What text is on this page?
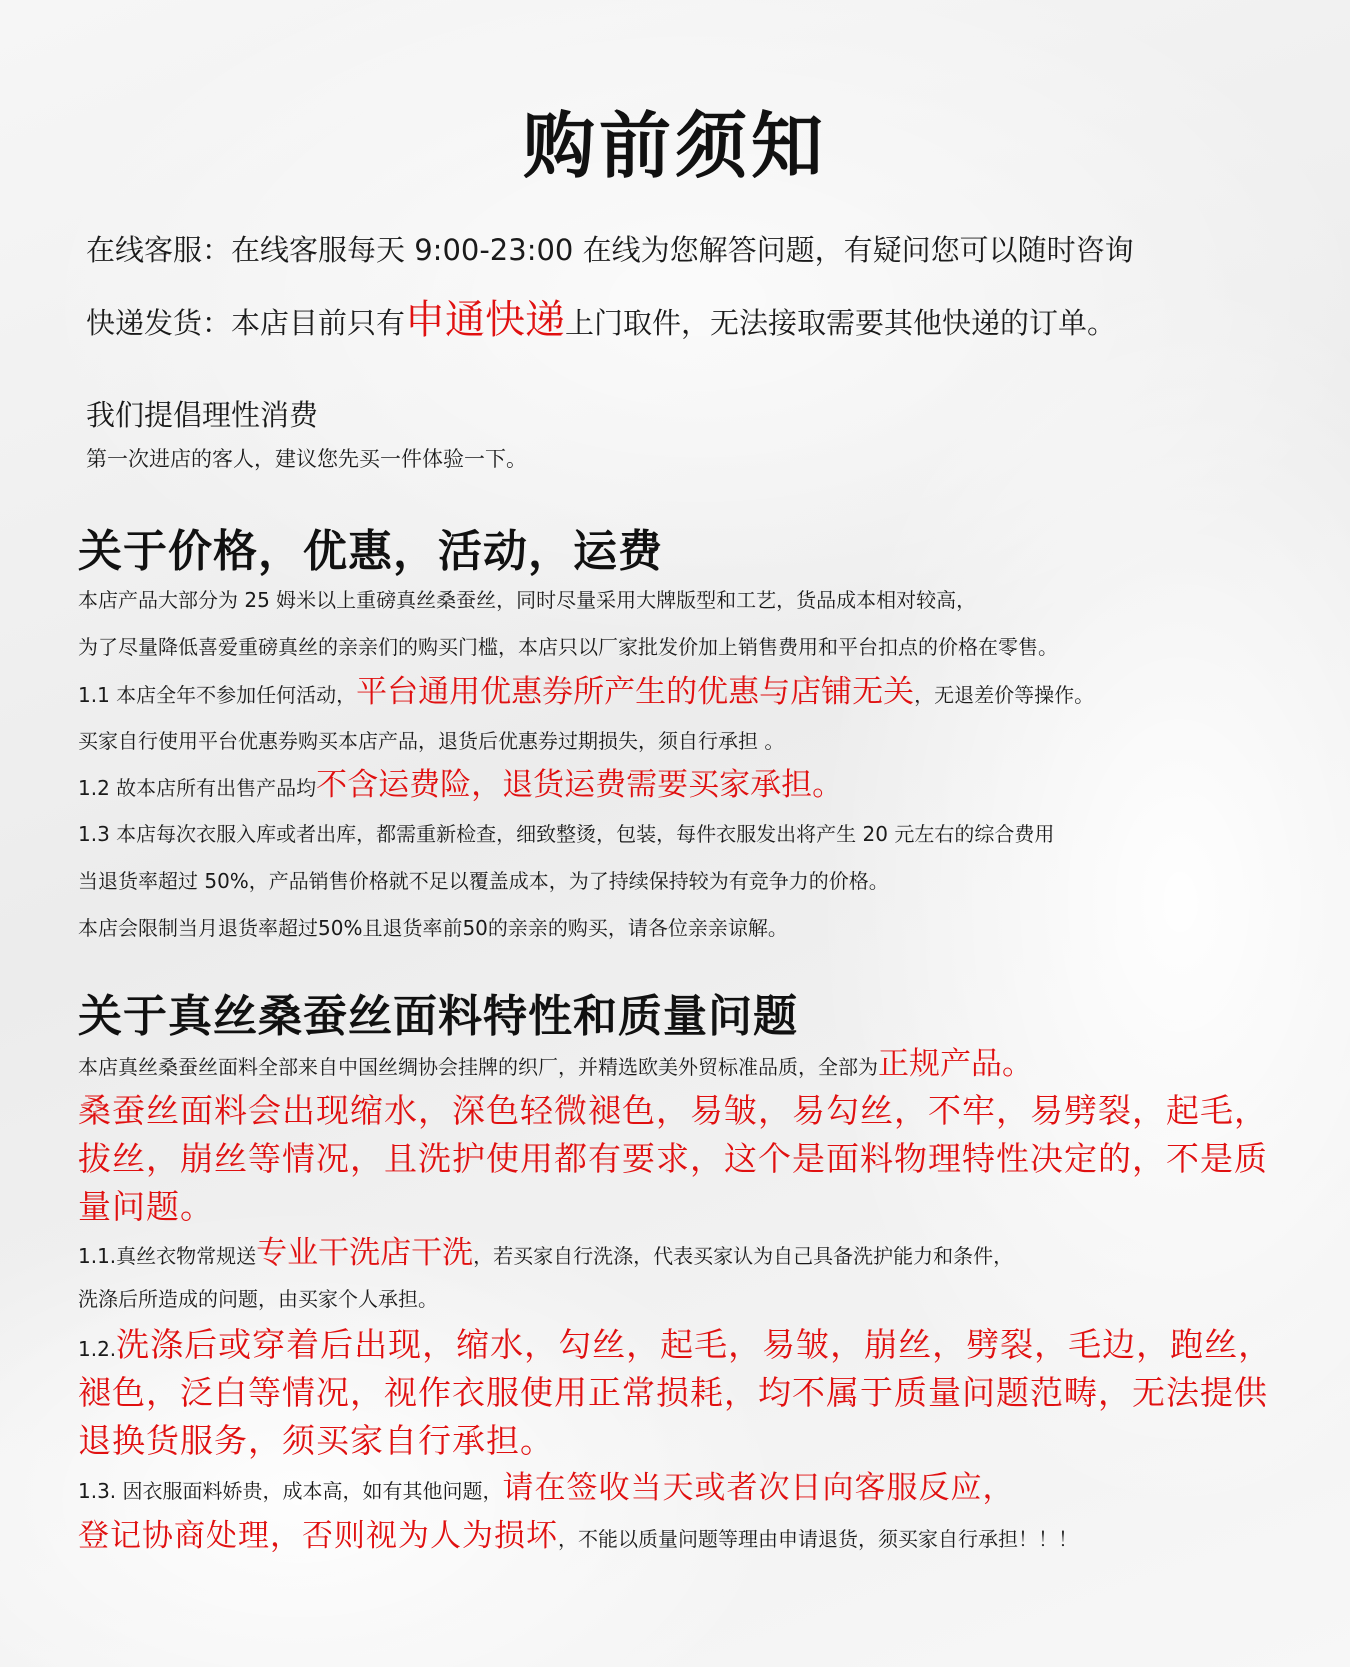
购前须知
在线客服：在线客服每天 9:00-23:00 在线为您解答问题，有疑问您可以随时咨询
快递发货：本店目前只有申通快递上门取件，无法接取需要其他快递的订单。
我们提倡理性消费
第一次进店的客人，建议您先买一件体验一下。
关于价格，优惠，活动，运费
本店产品大部分为 25 姆米以上重磅真丝桑蚕丝，同时尽量采用大牌版型和工艺，货品成本相对较高，
为了尽量降低喜爱重磅真丝的亲亲们的购买门槛，本店只以厂家批发价加上销售费用和平台扣点的价格在零售。
1.1 本店全年不参加任何活动，平台通用优惠券所产生的优惠与店铺无关，无退差价等操作。
买家自行使用平台优惠券购买本店产品，退货后优惠券过期损失，须自行承担 。
1.2 故本店所有出售产品均不含运费险，退货运费需要买家承担。
1.3 本店每次衣服入库或者出库，都需重新检查，细致整烫，包装，每件衣服发出将产生 20 元左右的综合费用
当退货率超过 50%，产品销售价格就不足以覆盖成本，为了持续保持较为有竞争力的价格。
本店会限制当月退货率超过50%且退货率前50的亲亲的购买，请各位亲亲谅解。
关于真丝桑蚕丝面料特性和质量问题
本店真丝桑蚕丝面料全部来自中国丝绸协会挂牌的织厂，并精选欧美外贸标准品质，全部为正规产品。
桑蚕丝面料会出现缩水，深色轻微褪色，易皱，易勾丝，不牢，易劈裂，起毛，
拔丝，崩丝等情况，且洗护使用都有要求，这个是面料物理特性决定的，不是质
量问题。
1.1.真丝衣物常规送专业干洗店干洗，若买家自行洗涤，代表买家认为自己具备洗护能力和条件，
洗涤后所造成的问题，由买家个人承担。
1.2.洗涤后或穿着后出现，缩水，勾丝，起毛，易皱，崩丝，劈裂，毛边，跑丝，
褪色，泛白等情况，视作衣服使用正常损耗，均不属于质量问题范畴，无法提供
退换货服务，须买家自行承担。
1.3. 因衣服面料娇贵，成本高，如有其他问题，请在签收当天或者次日向客服反应，
登记协商处理，否则视为人为损坏，不能以质量问题等理由申请退货，须买家自行承担！！！
